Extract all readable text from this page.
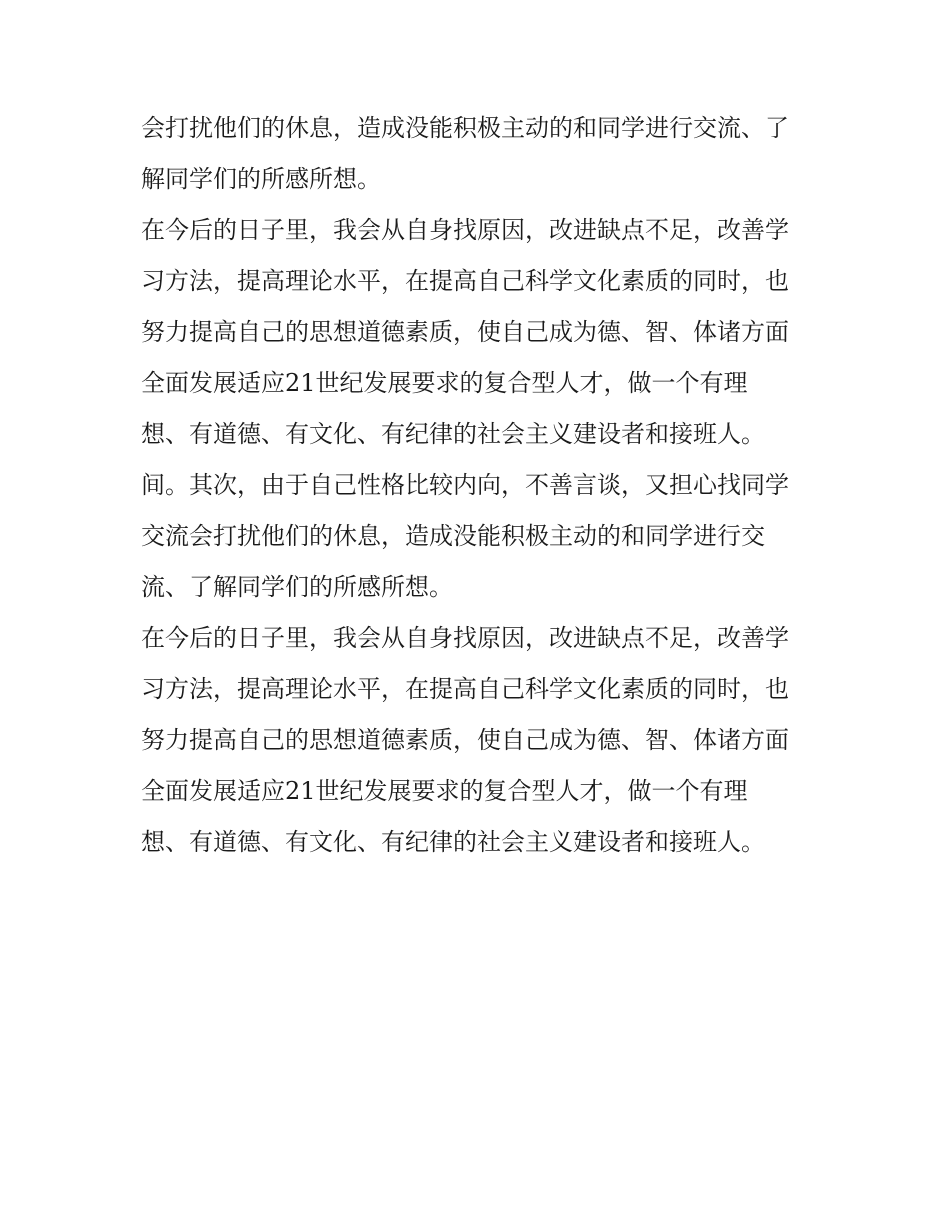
会打扰他们的休息，造成没能积极主动的和同学进行交流、了

解同学们的所感所想。

在今后的日子里，我会从自身找原因，改进缺点不足，改善学

习方法，提高理论水平，在提高自己科学文化素质的同时，也

努力提高自己的思想道德素质，使自己成为德、智、体诸方面

全面发展适应21世纪发展要求的复合型人才，做一个有理

想、有道德、有文化、有纪律的社会主义建设者和接班人。

间。其次，由于自己性格比较内向，不善言谈，又担心找同学

交流会打扰他们的休息，造成没能积极主动的和同学进行交

流、了解同学们的所感所想。

在今后的日子里，我会从自身找原因，改进缺点不足，改善学

习方法，提高理论水平，在提高自己科学文化素质的同时，也

努力提高自己的思想道德素质，使自己成为德、智、体诸方面

全面发展适应21世纪发展要求的复合型人才，做一个有理

想、有道德、有文化、有纪律的社会主义建设者和接班人。
